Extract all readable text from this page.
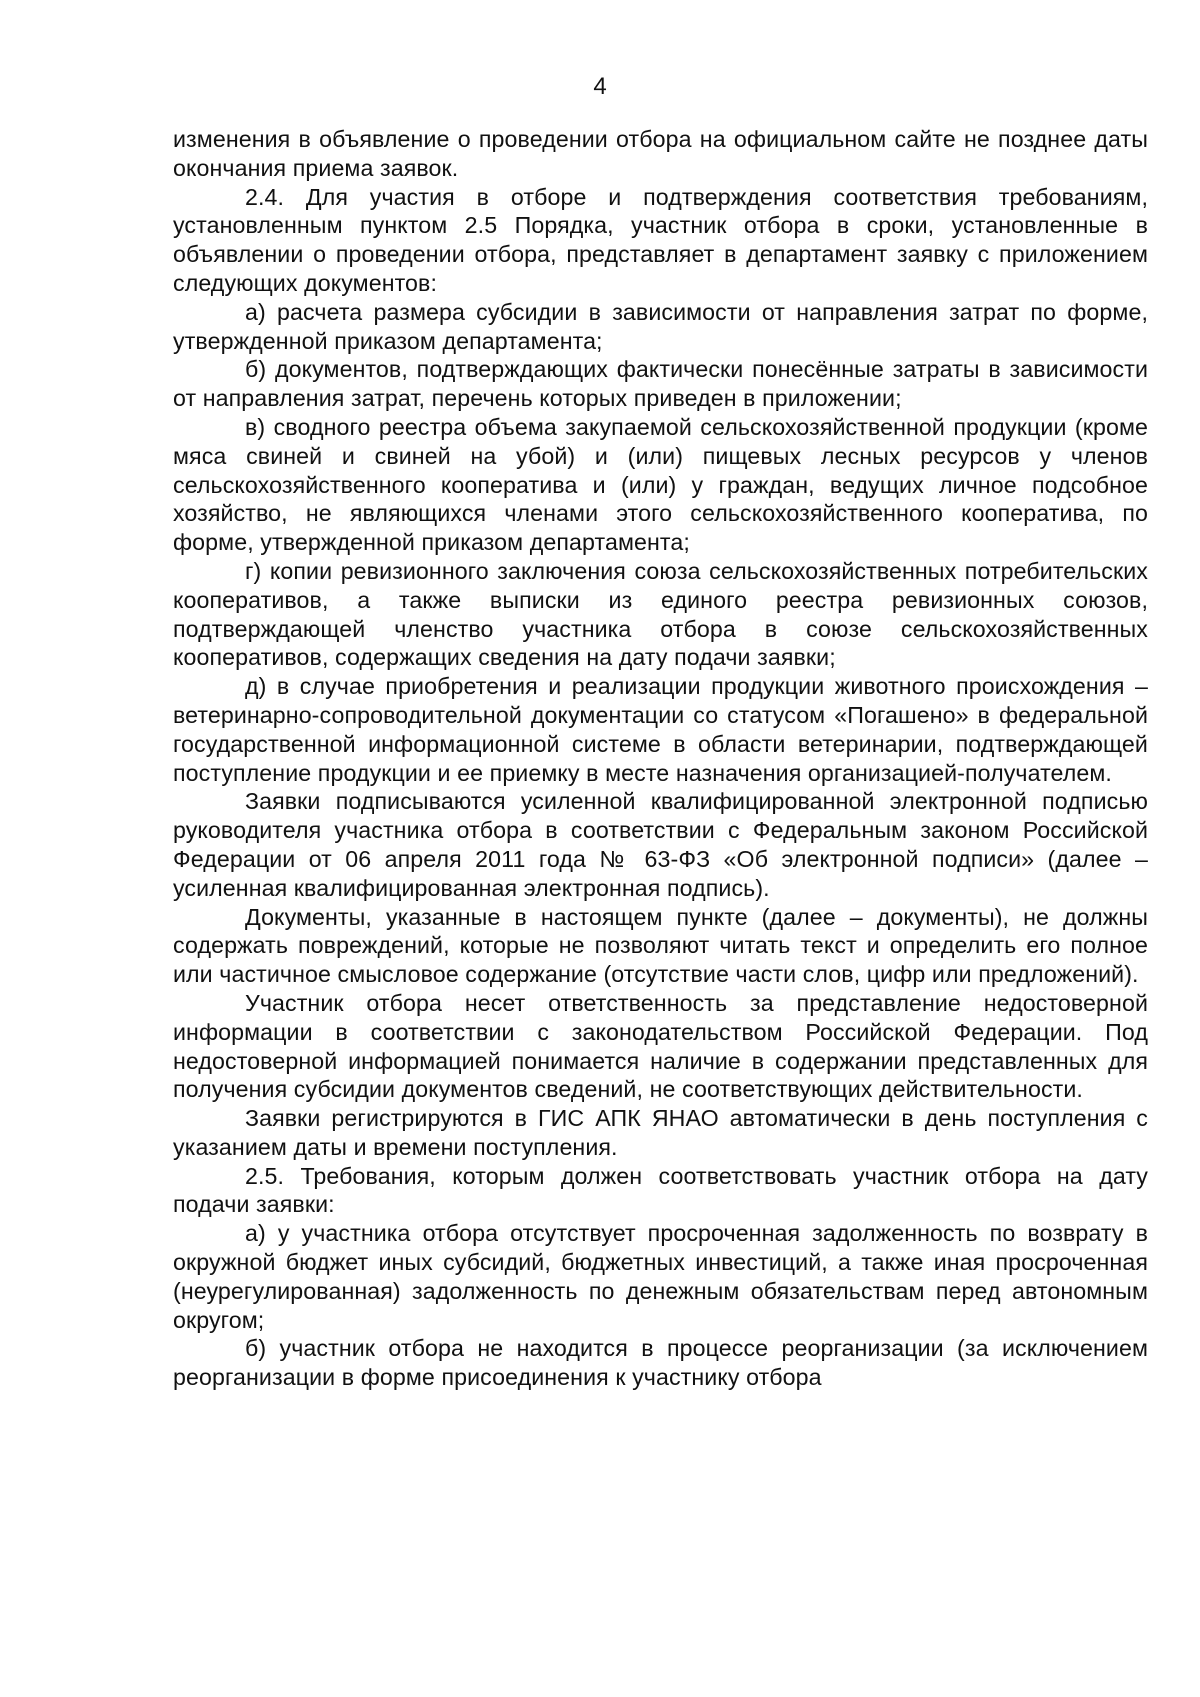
4

изменения в объявление о проведении отбора на официальном сайте не позднее даты окончания приема заявок.

2.4. Для участия в отборе и подтверждения соответствия требованиям, установленным пунктом 2.5 Порядка, участник отбора в сроки, установленные в объявлении о проведении отбора, представляет в департамент заявку с приложением следующих документов:

а) расчета размера субсидии в зависимости от направления затрат по форме, утвержденной приказом департамента;

б) документов, подтверждающих фактически понесённые затраты в зависимости от направления затрат, перечень которых приведен в приложении;

в) сводного реестра объема закупаемой сельскохозяйственной продукции (кроме мяса свиней и свиней на убой) и (или) пищевых лесных ресурсов у членов сельскохозяйственного кооператива и (или) у граждан, ведущих личное подсобное хозяйство, не являющихся членами этого сельскохозяйственного кооператива, по форме, утвержденной приказом департамента;

г) копии ревизионного заключения союза сельскохозяйственных потребительских кооперативов, а также выписки из единого реестра ревизионных союзов, подтверждающей членство участника отбора в союзе сельскохозяйственных кооперативов, содержащих сведения на дату подачи заявки;

д) в случае приобретения и реализации продукции животного происхождения – ветеринарно-сопроводительной документации со статусом «Погашено» в федеральной государственной информационной системе в области ветеринарии, подтверждающей поступление продукции и ее приемку в месте назначения организацией-получателем.

Заявки подписываются усиленной квалифицированной электронной подписью руководителя участника отбора в соответствии с Федеральным законом Российской Федерации от 06 апреля 2011 года № 63-ФЗ «Об электронной подписи» (далее – усиленная квалифицированная электронная подпись).

Документы, указанные в настоящем пункте (далее – документы), не должны содержать повреждений, которые не позволяют читать текст и определить его полное или частичное смысловое содержание (отсутствие части слов, цифр или предложений).

Участник отбора несет ответственность за представление недостоверной информации в соответствии с законодательством Российской Федерации. Под недостоверной информацией понимается наличие в содержании представленных для получения субсидии документов сведений, не соответствующих действительности.

Заявки регистрируются в ГИС АПК ЯНАО автоматически в день поступления с указанием даты и времени поступления.

2.5. Требования, которым должен соответствовать участник отбора на дату подачи заявки:

а) у участника отбора отсутствует просроченная задолженность по возврату в окружной бюджет иных субсидий, бюджетных инвестиций, а также иная просроченная (неурегулированная) задолженность по денежным обязательствам перед автономным округом;

б) участник отбора не находится в процессе реорганизации (за исключением реорганизации в форме присоединения к участнику отбора
